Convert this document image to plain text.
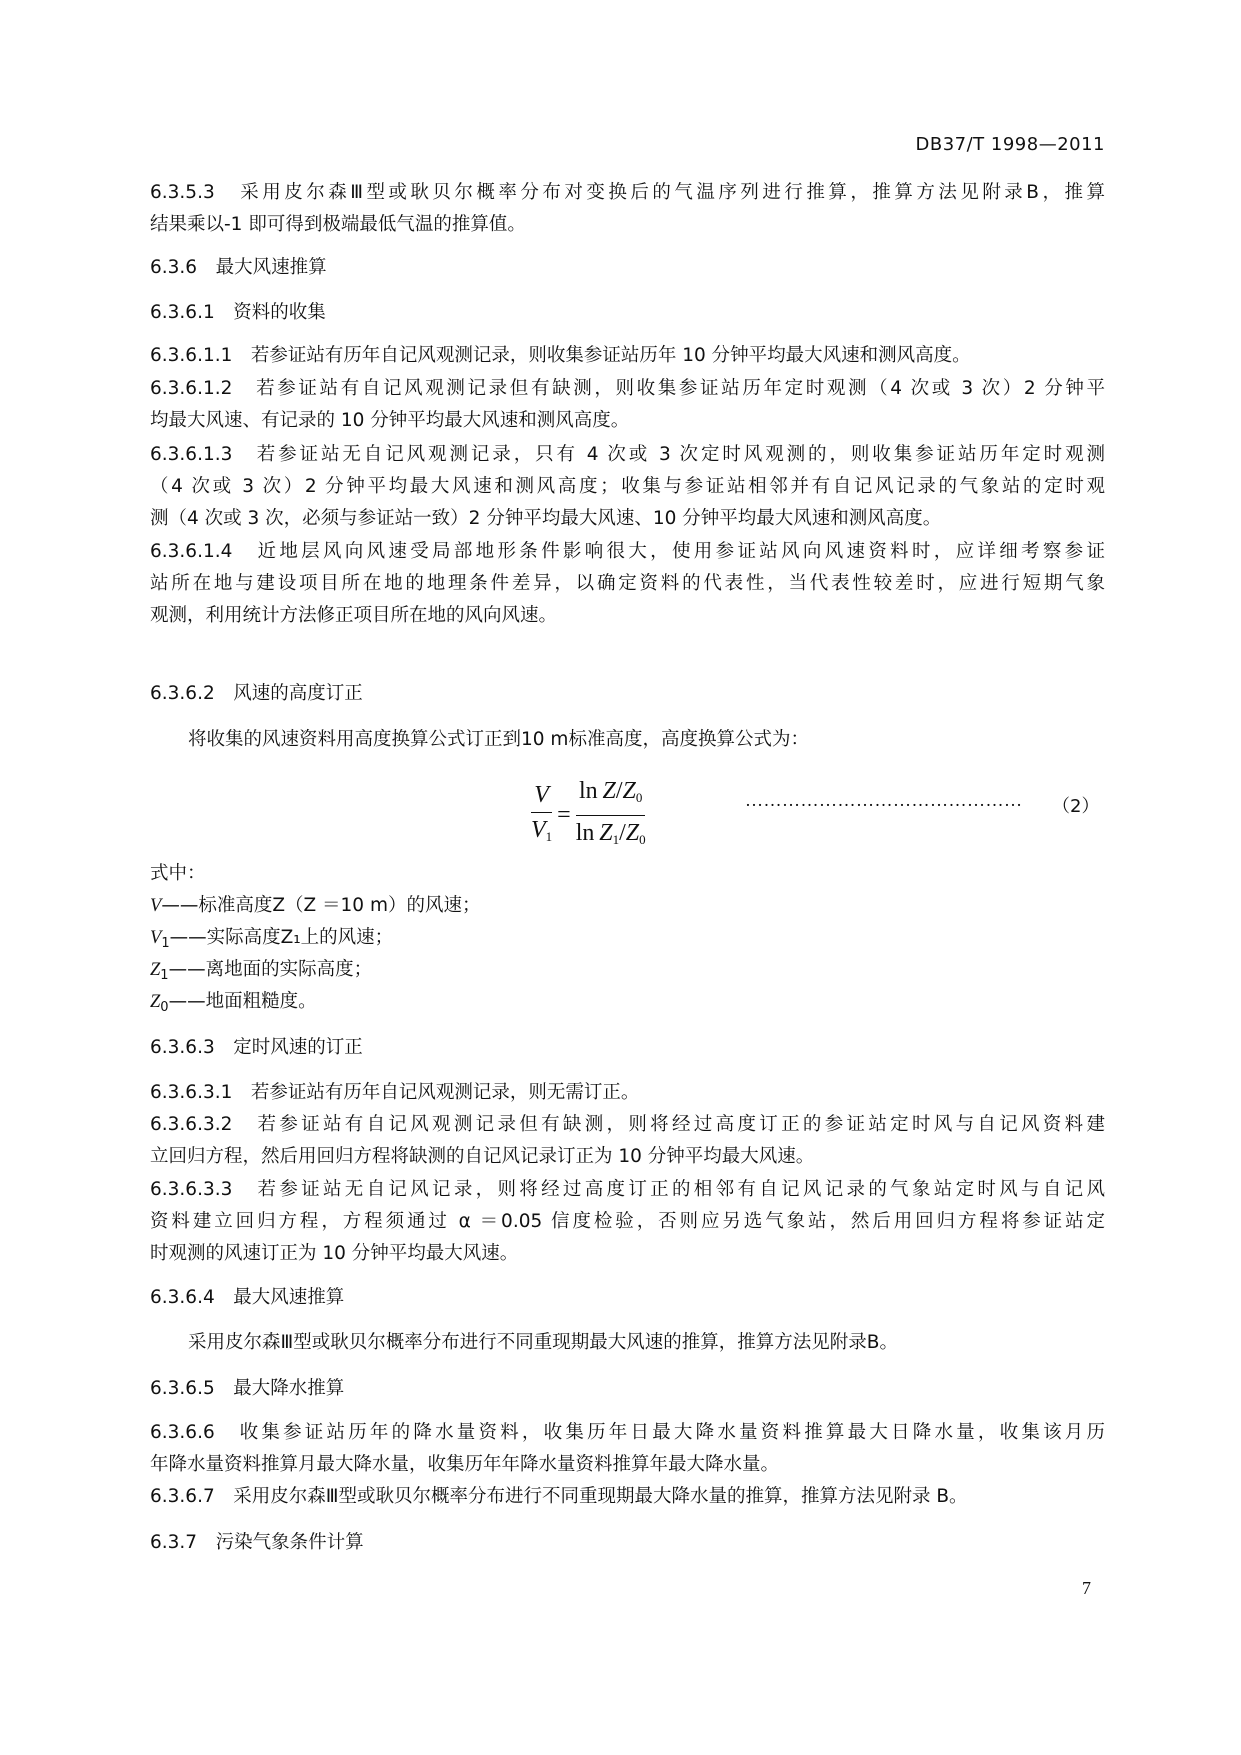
DB37/T 1998—2011
6.3.5.3　采用皮尔森Ⅲ型或耿贝尔概率分布对变换后的气温序列进行推算，推算方法见附录B，推算
结果乘以-1 即可得到极端最低气温的推算值。
6.3.6　最大风速推算
6.3.6.1　资料的收集
6.3.6.1.1　若参证站有历年自记风观测记录，则收集参证站历年 10 分钟平均最大风速和测风高度。
6.3.6.1.2　若参证站有自记风观测记录但有缺测，则收集参证站历年定时观测（4 次或 3 次）2 分钟平
均最大风速、有记录的 10 分钟平均最大风速和测风高度。
6.3.6.1.3　若参证站无自记风观测记录，只有 4 次或 3 次定时风观测的，则收集参证站历年定时观测
（4 次或 3 次）2 分钟平均最大风速和测风高度；收集与参证站相邻并有自记风记录的气象站的定时观
测（4 次或 3 次，必须与参证站一致）2 分钟平均最大风速、10 分钟平均最大风速和测风高度。
6.3.6.1.4　近地层风向风速受局部地形条件影响很大，使用参证站风向风速资料时，应详细考察参证
站所在地与建设项目所在地的地理条件差异，以确定资料的代表性，当代表性较差时，应进行短期气象
观测，利用统计方法修正项目所在地的风向风速。
6.3.6.2　风速的高度订正
将收集的风速资料用高度换算公式订正到10 m标准高度，高度换算公式为：
$\frac{V}{V_1} = \frac{\ln Z/Z_0}{\ln Z_1/Z_0}$	……………………………………… （2）
式中：
V——标准高度Z（Z ＝10 m）的风速；
$V_1——$实际高度Z₁上的风速；
$Z_1——$离地面的实际高度；
$Z_0——$地面粗糙度。
6.3.6.3　定时风速的订正
6.3.6.3.1　若参证站有历年自记风观测记录，则无需订正。
6.3.6.3.2　若参证站有自记风观测记录但有缺测，则将经过高度订正的参证站定时风与自记风资料建
立回归方程，然后用回归方程将缺测的自记风记录订正为 10 分钟平均最大风速。
6.3.6.3.3　若参证站无自记风记录，则将经过高度订正的相邻有自记风记录的气象站定时风与自记风
资料建立回归方程，方程须通过 α ＝0.05 信度检验，否则应另选气象站，然后用回归方程将参证站定
时观测的风速订正为 10 分钟平均最大风速。
6.3.6.4　最大风速推算
采用皮尔森Ⅲ型或耿贝尔概率分布进行不同重现期最大风速的推算，推算方法见附录B。
6.3.6.5　最大降水推算
6.3.6.6　收集参证站历年的降水量资料，收集历年日最大降水量资料推算最大日降水量，收集该月历
年降水量资料推算月最大降水量，收集历年年降水量资料推算年最大降水量。
6.3.6.7　采用皮尔森Ⅲ型或耿贝尔概率分布进行不同重现期最大降水量的推算，推算方法见附录 B。
6.3.7　污染气象条件计算
7
